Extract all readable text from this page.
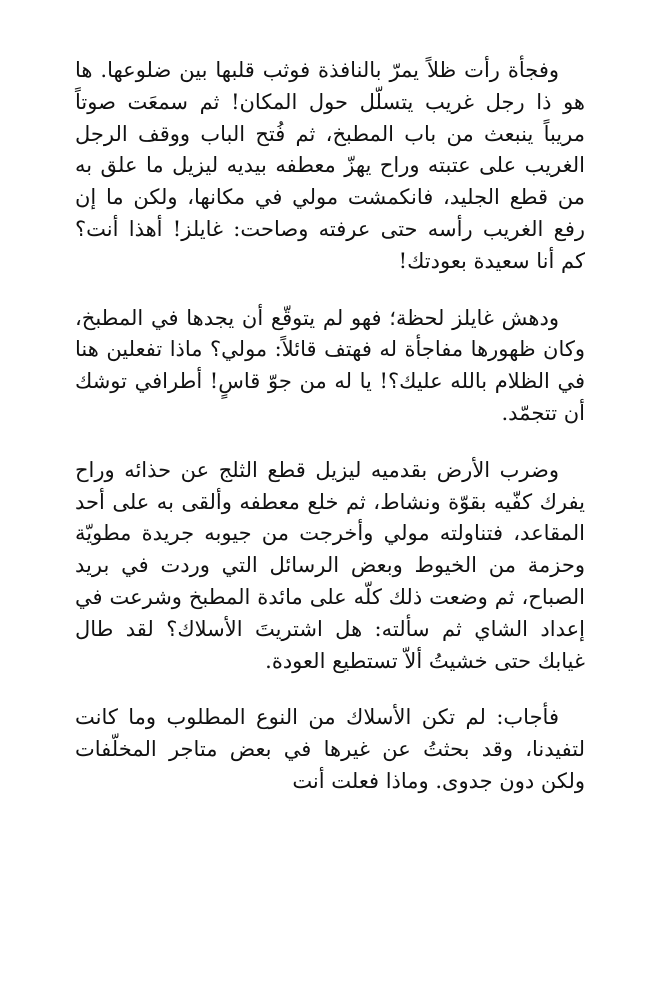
وفجأة رأت ظلاً يمرّ بالنافذة فوثب قلبها بين ضلوعها. ها هو ذا رجل غريب يتسلّل حول المكان! ثم سمعَت صوتاً مريباً ينبعث من باب المطبخ، ثم فُتح الباب ووقف الرجل الغريب على عتبته وراح يهزّ معطفه بيديه ليزيل ما علق به من قطع الجليد، فانكمشت مولي في مكانها، ولكن ما إن رفع الغريب رأسه حتى عرفته وصاحت: غايلز! أهذا أنت؟ كم أنا سعيدة بعودتك!

ودهش غايلز لحظة؛ فهو لم يتوقّع أن يجدها في المطبخ، وكان ظهورها مفاجأة له فهتف قائلاً: مولي؟ ماذا تفعلين هنا في الظلام بالله عليك؟! يا له من جوّ قاسٍ! أطرافي توشك أن تتجمّد.

وضرب الأرض بقدميه ليزيل قطع الثلج عن حذائه وراح يفرك كفّيه بقوّة ونشاط، ثم خلع معطفه وألقى به على أحد المقاعد، فتناولته مولي وأخرجت من جيوبه جريدة مطويّة وحزمة من الخيوط وبعض الرسائل التي وردت في بريد الصباح، ثم وضعت ذلك كلّه على مائدة المطبخ وشرعت في إعداد الشاي ثم سألته: هل اشتريتَ الأسلاك؟ لقد طال غيابك حتى خشيتُ ألاّ تستطيع العودة.

فأجاب: لم تكن الأسلاك من النوع المطلوب وما كانت لتفيدنا، وقد بحثتُ عن غيرها في بعض متاجر المخلّفات ولكن دون جدوى. وماذا فعلت أنت
